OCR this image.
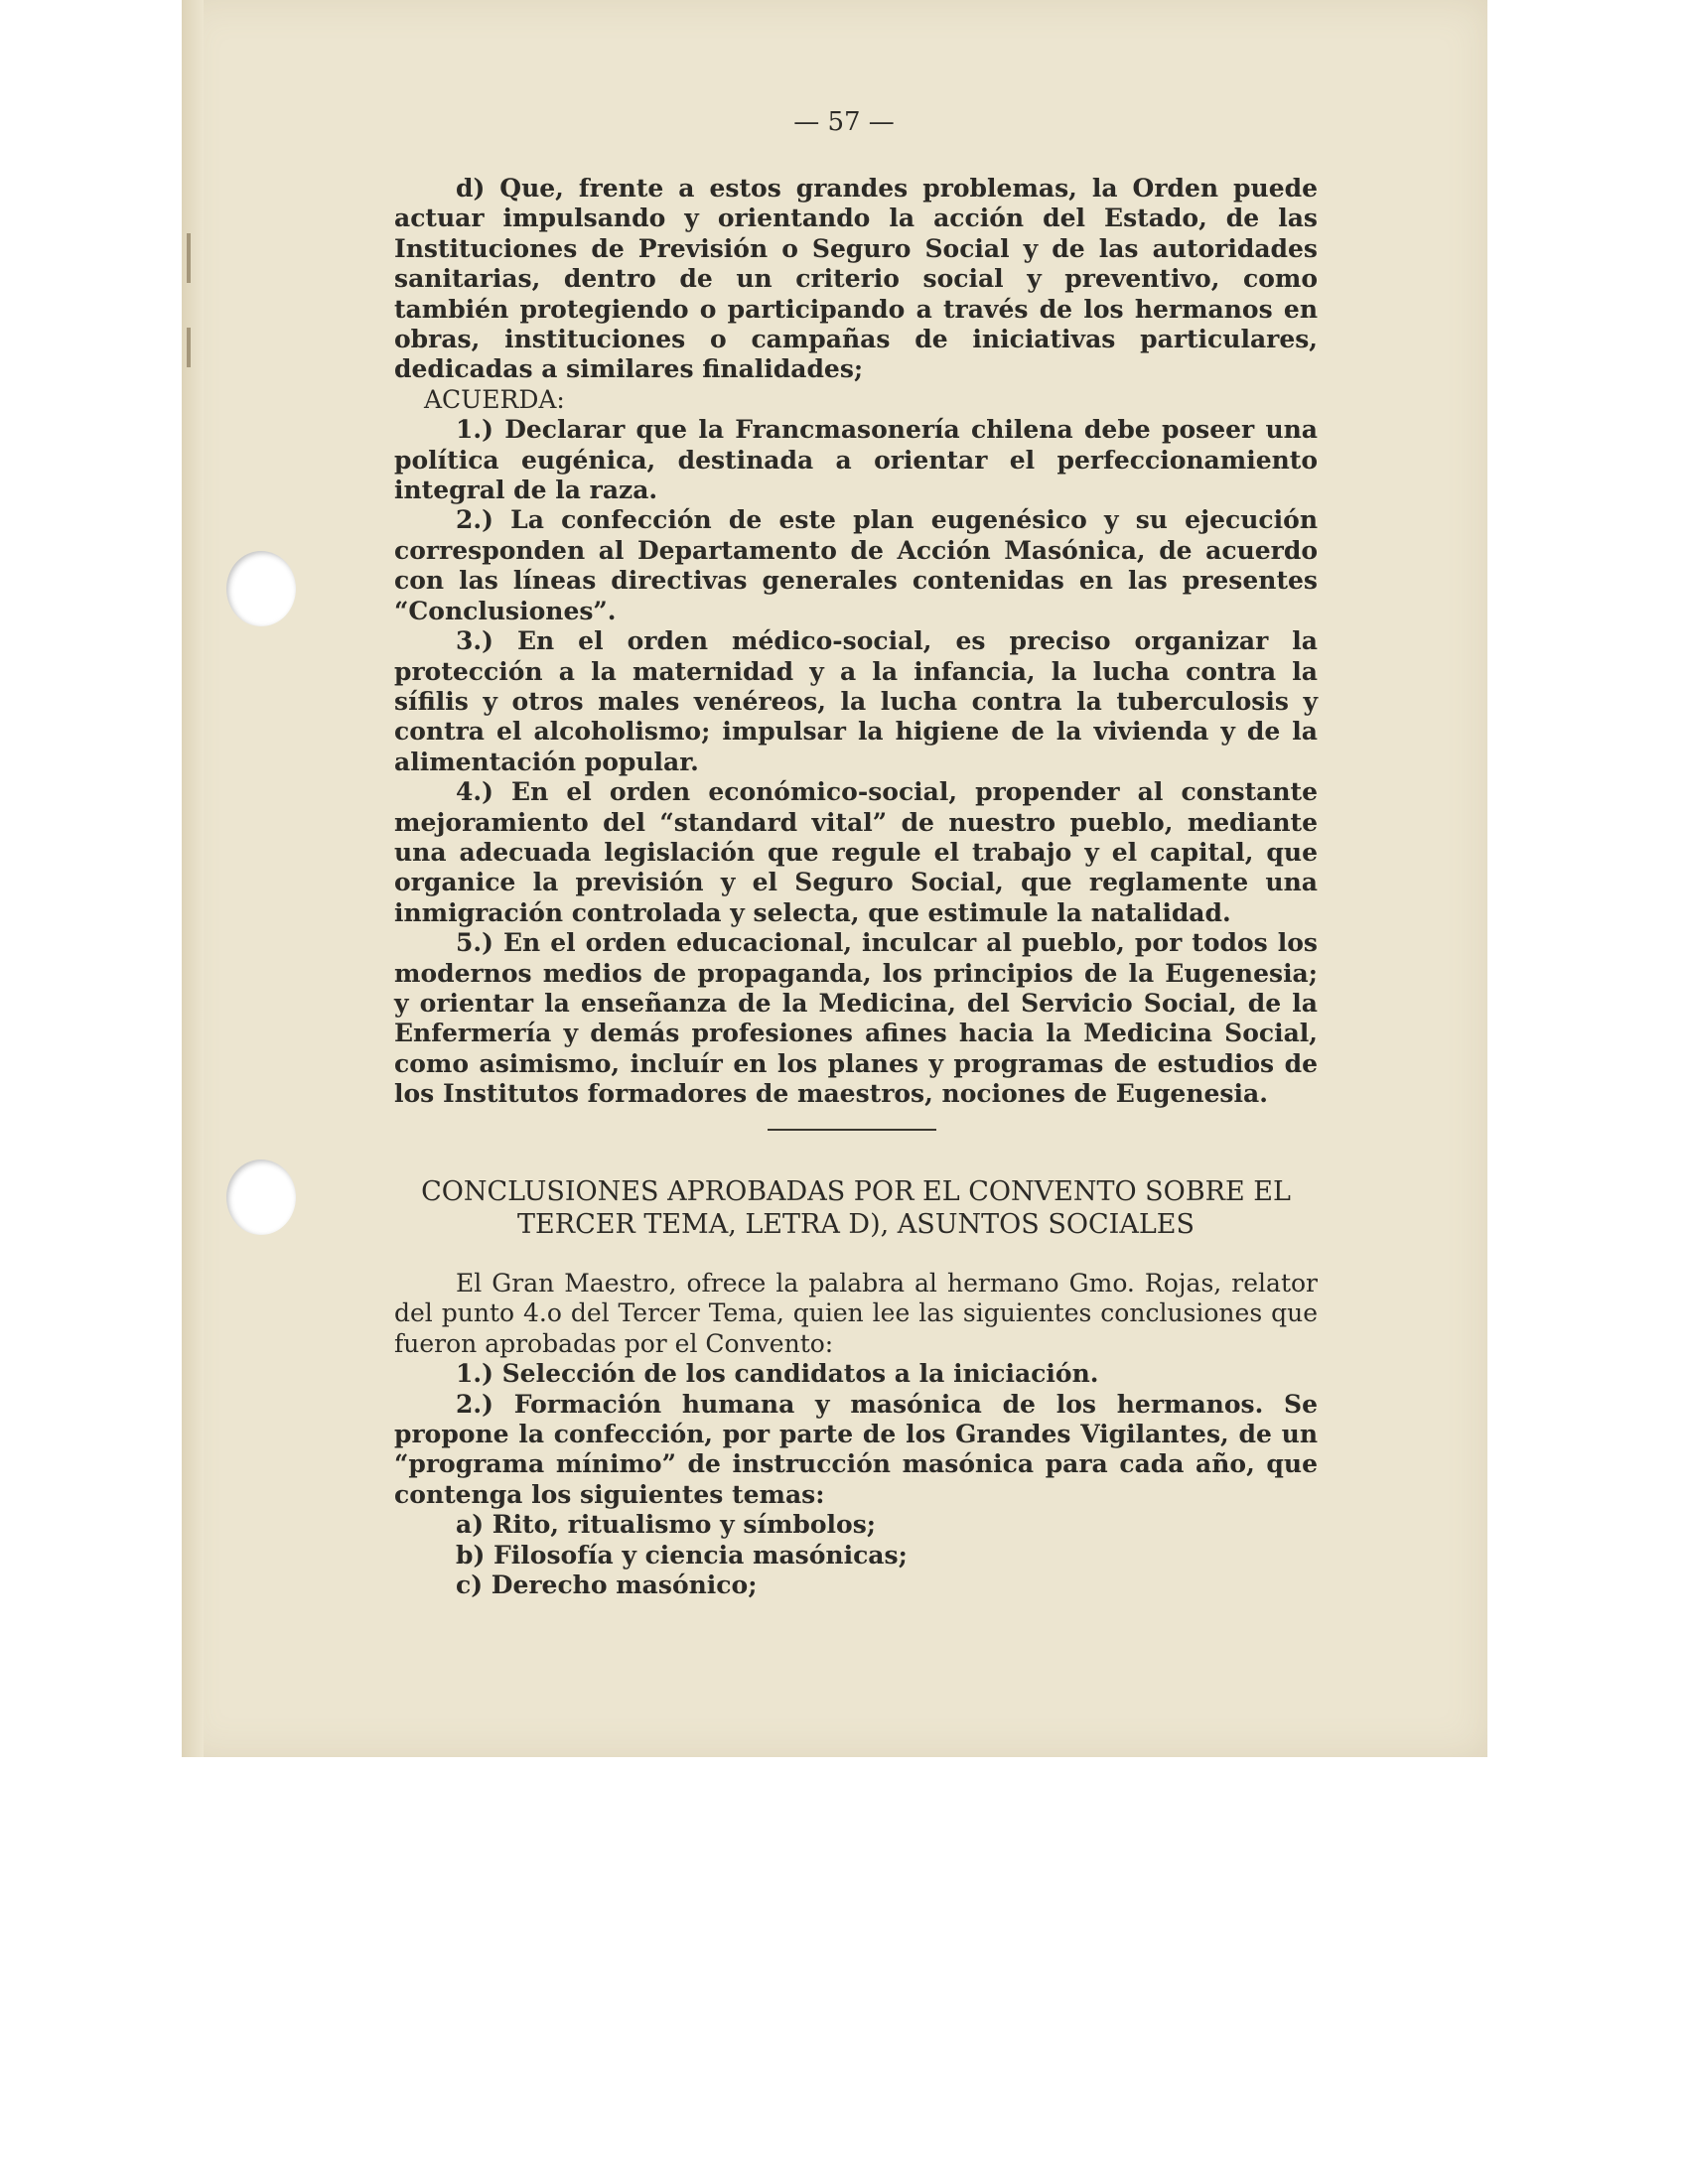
— 57 —

d) Que, frente a estos grandes problemas, la Orden puede actuar impulsando y orientando la acción del Estado, de las Instituciones de Previsión o Seguro Social y de las autoridades sanitarias, dentro de un criterio social y preventivo, como también protegiendo o participando a través de los hermanos en obras, instituciones o campañas de iniciativas particulares, dedicadas a similares finalidades;

ACUERDA:

1.) Declarar que la Francmasonería chilena debe poseer una política eugénica, destinada a orientar el perfeccionamiento integral de la raza.

2.) La confección de este plan eugenésico y su ejecución corresponden al Departamento de Acción Masónica, de acuerdo con las líneas directivas generales contenidas en las presentes “Conclusiones”.

3.) En el orden médico-social, es preciso organizar la protección a la maternidad y a la infancia, la lucha contra la sífilis y otros males venéreos, la lucha contra la tuberculosis y contra el alcoholismo; impulsar la higiene de la vivienda y de la alimentación popular.

4.) En el orden económico-social, propender al constante mejoramiento del “standard vital” de nuestro pueblo, mediante una adecuada legislación que regule el trabajo y el capital, que organice la previsión y el Seguro Social, que reglamente una inmigración controlada y selecta, que estimule la natalidad.

5.) En el orden educacional, inculcar al pueblo, por todos los modernos medios de propaganda, los principios de la Eugenesia; y orientar la enseñanza de la Medicina, del Servicio Social, de la Enfermería y demás profesiones afines hacia la Medicina Social, como asimismo, incluír en los planes y programas de estudios de los Institutos formadores de maestros, nociones de Eugenesia.

CONCLUSIONES APROBADAS POR EL CONVENTO SOBRE EL
TERCER TEMA, LETRA D), ASUNTOS SOCIALES

El Gran Maestro, ofrece la palabra al hermano Gmo. Rojas, relator del punto 4.o del Tercer Tema, quien lee las siguientes conclusiones que fueron aprobadas por el Convento:

1.) Selección de los candidatos a la iniciación.

2.) Formación humana y masónica de los hermanos. Se propone la confección, por parte de los Grandes Vigilantes, de un “programa mínimo” de instrucción masónica para cada año, que contenga los siguientes temas:

a) Rito, ritualismo y símbolos;
b) Filosofía y ciencia masónicas;
c) Derecho masónico;
